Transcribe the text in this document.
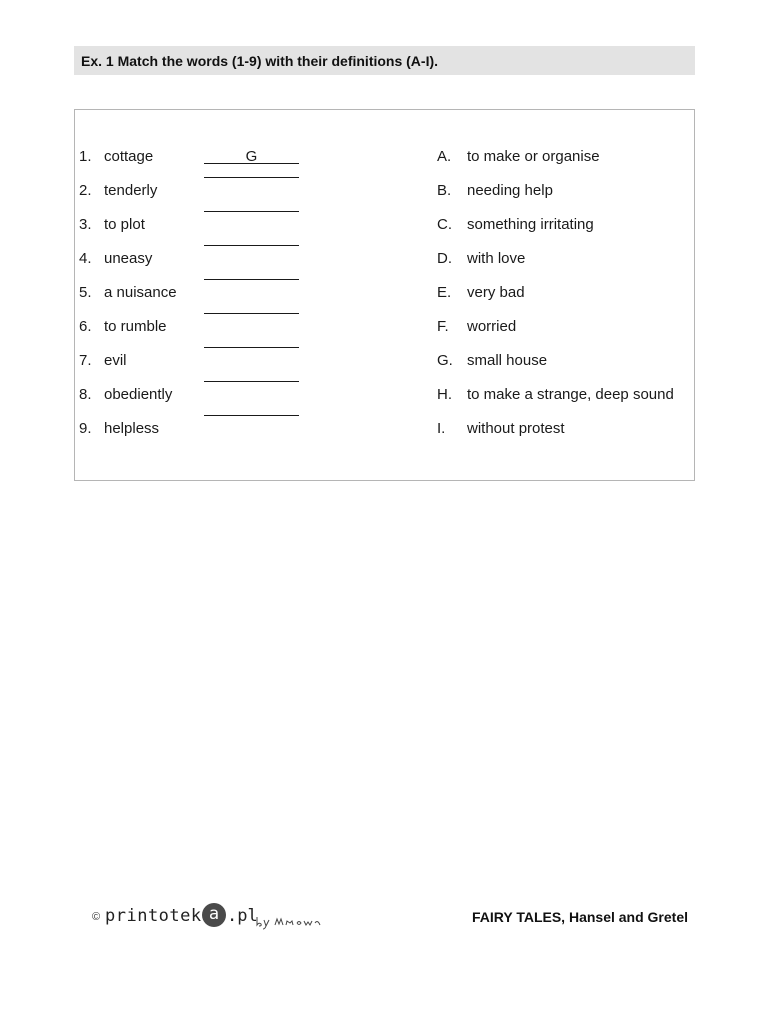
Ex. 1 Match the words (1-9) with their definitions (A-I).
1. cottage	G
2. tenderly
3. to plot
4. uneasy
5. a nuisance
6. to rumble
7. evil
8. obediently
9. helpless
A. to make or organise
B. needing help
C. something irritating
D. with love
E. very bad
F. worried
G. small house
H. to make a strange, deep sound
I. without protest
© printotek a .pl	FAIRY TALES, Hansel and Gretel
